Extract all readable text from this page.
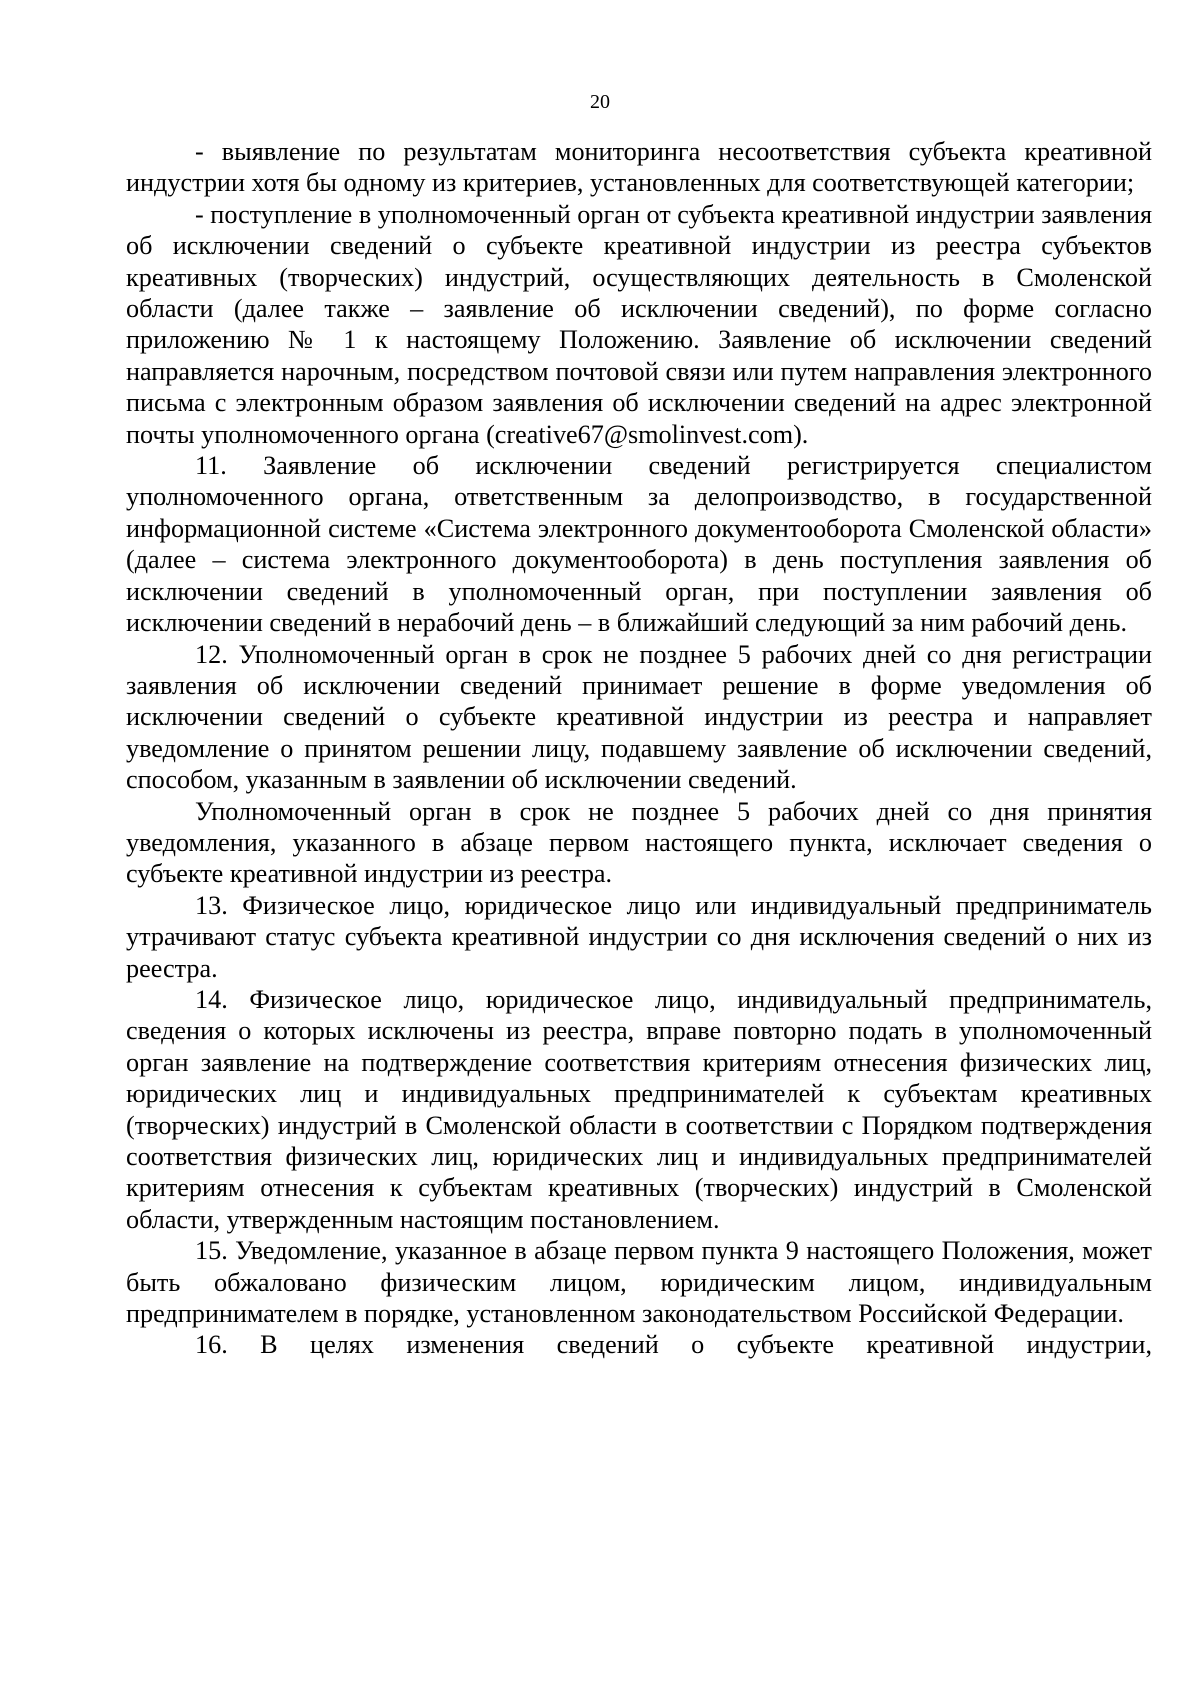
20

- выявление по результатам мониторинга несоответствия субъекта креативной индустрии хотя бы одному из критериев, установленных для соответствующей категории;

- поступление в уполномоченный орган от субъекта креативной индустрии заявления об исключении сведений о субъекте креативной индустрии из реестра субъектов креативных (творческих) индустрий, осуществляющих деятельность в Смоленской области (далее также – заявление об исключении сведений), по форме согласно приложению № 1 к настоящему Положению. Заявление об исключении сведений направляется нарочным, посредством почтовой связи или путем направления электронного письма с электронным образом заявления об исключении сведений на адрес электронной почты уполномоченного органа (creative67@smolinvest.com).

11. Заявление об исключении сведений регистрируется специалистом уполномоченного органа, ответственным за делопроизводство, в государственной информационной системе «Система электронного документооборота Смоленской области» (далее – система электронного документооборота) в день поступления заявления об исключении сведений в уполномоченный орган, при поступлении заявления об исключении сведений в нерабочий день – в ближайший следующий за ним рабочий день.

12. Уполномоченный орган в срок не позднее 5 рабочих дней со дня регистрации заявления об исключении сведений принимает решение в форме уведомления об исключении сведений о субъекте креативной индустрии из реестра и направляет уведомление о принятом решении лицу, подавшему заявление об исключении сведений, способом, указанным в заявлении об исключении сведений.

Уполномоченный орган в срок не позднее 5 рабочих дней со дня принятия уведомления, указанного в абзаце первом настоящего пункта, исключает сведения о субъекте креативной индустрии из реестра.

13. Физическое лицо, юридическое лицо или индивидуальный предприниматель утрачивают статус субъекта креативной индустрии со дня исключения сведений о них из реестра.

14. Физическое лицо, юридическое лицо, индивидуальный предприниматель, сведения о которых исключены из реестра, вправе повторно подать в уполномоченный орган заявление на подтверждение соответствия критериям отнесения физических лиц, юридических лиц и индивидуальных предпринимателей к субъектам креативных (творческих) индустрий в Смоленской области в соответствии с Порядком подтверждения соответствия физических лиц, юридических лиц и индивидуальных предпринимателей критериям отнесения к субъектам креативных (творческих) индустрий в Смоленской области, утвержденным настоящим постановлением.

15. Уведомление, указанное в абзаце первом пункта 9 настоящего Положения, может быть обжаловано физическим лицом, юридическим лицом, индивидуальным предпринимателем в порядке, установленном законодательством Российской Федерации.

16. В целях изменения сведений о субъекте креативной индустрии,
